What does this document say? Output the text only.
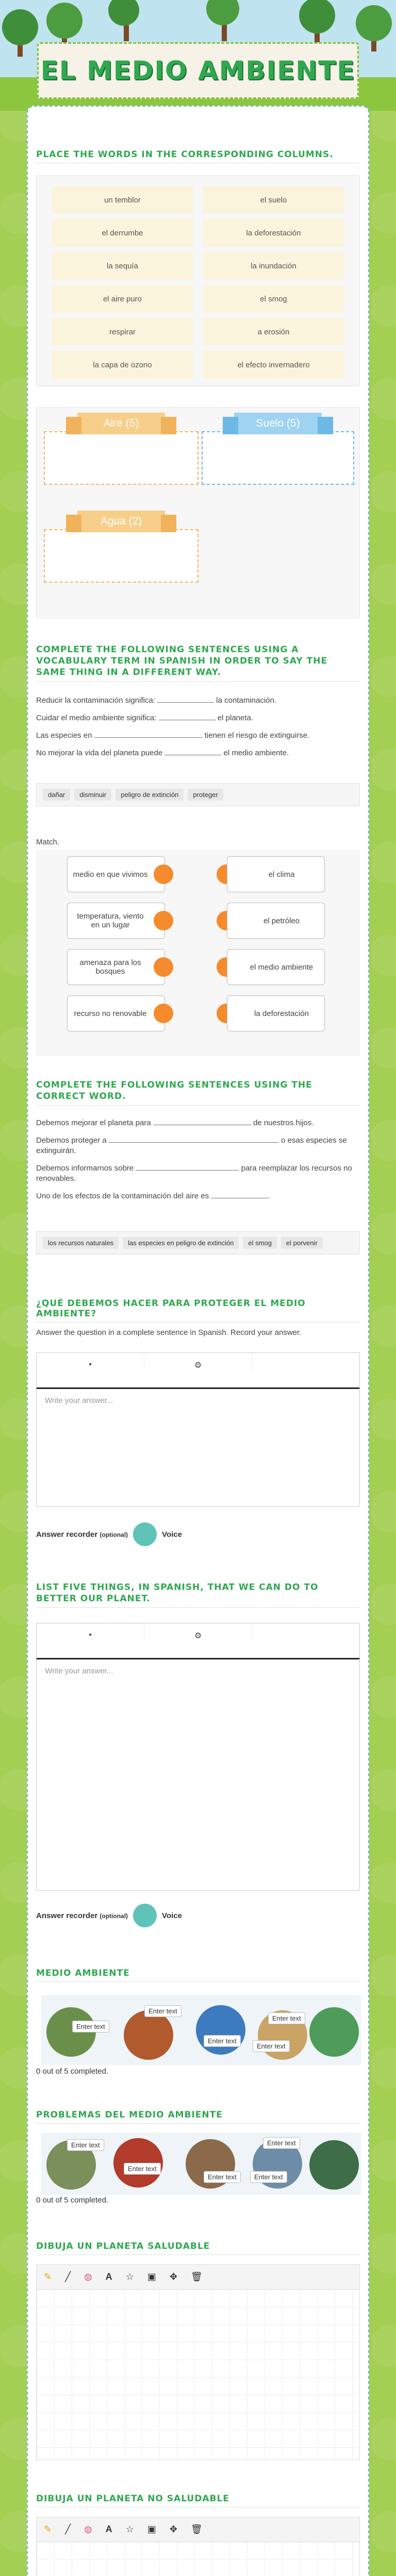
EL MEDIO AMBIENTE
PLACE THE WORDS IN THE CORRESPONDING COLUMNS.
un temblor	el suelo
el derrumbe	la deforestación
la sequía	la inundación
el aire puro	el smog
respirar	a erosión
la capa de ozono	el efecto invernadero
Aire (5)	Suelo (5)
Agua (2)
COMPLETE THE FOLLOWING SENTENCES USING A VOCABULARY TERM IN SPANISH IN ORDER TO SAY THE SAME THING IN A DIFFERENT WAY.
Reducir la contaminación significa:	la contaminación.
Cuidar el medio ambiente significa:	el planeta.
Las especies en	tienen el riesgo de extinguirse.
No mejorar la vida del planeta puede	el medio ambiente.
dañar	disminuir	peligro de extinción	proteger
Match.
medio en que vivimos
temperatura, viento en un lugar
amenaza para los bosques
recurso no renovable
el clima
el petróleo
el medio ambiente
la deforestación
COMPLETE THE FOLLOWING SENTENCES USING THE CORRECT WORD.
Debemos mejorar el planeta para	de nuestros hijos.
Debemos proteger a	o esas especies se extinguirán.
Debemos informarnos sobre	para reemplazar los recursos no renovables.
Uno de los efectos de la contaminación del aire es	.
los recursos naturales	las especies en peligro de extinción	el smog	el porvenir
¿QUÉ DEBEMOS HACER PARA PROTEGER EL MEDIO AMBIENTE?
Answer the question in a complete sentence in Spanish. Record your answer.
•	⚙
Write your answer...
Answer recorder (optional)	Voice
LIST FIVE THINGS, IN SPANISH, THAT WE CAN DO TO BETTER OUR PLANET.
•	⚙
Write your answer...
Answer recorder (optional)	Voice
MEDIO AMBIENTE
Enter text
Enter text
Enter text
Enter text
Enter text
0 out of 5 completed.
PROBLEMAS DEL MEDIO AMBIENTE
Enter text
Enter text
Enter text	Enter text
Enter text
0 out of 5 completed.
DIBUJA UN PLANETA SALUDABLE
✎ ╱ ◍ A ☆ ▣ ✥ 🗑
DIBUJA UN PLANETA NO SALUDABLE
✎ ╱ ◍ A ☆ ▣ ✥ 🗑
